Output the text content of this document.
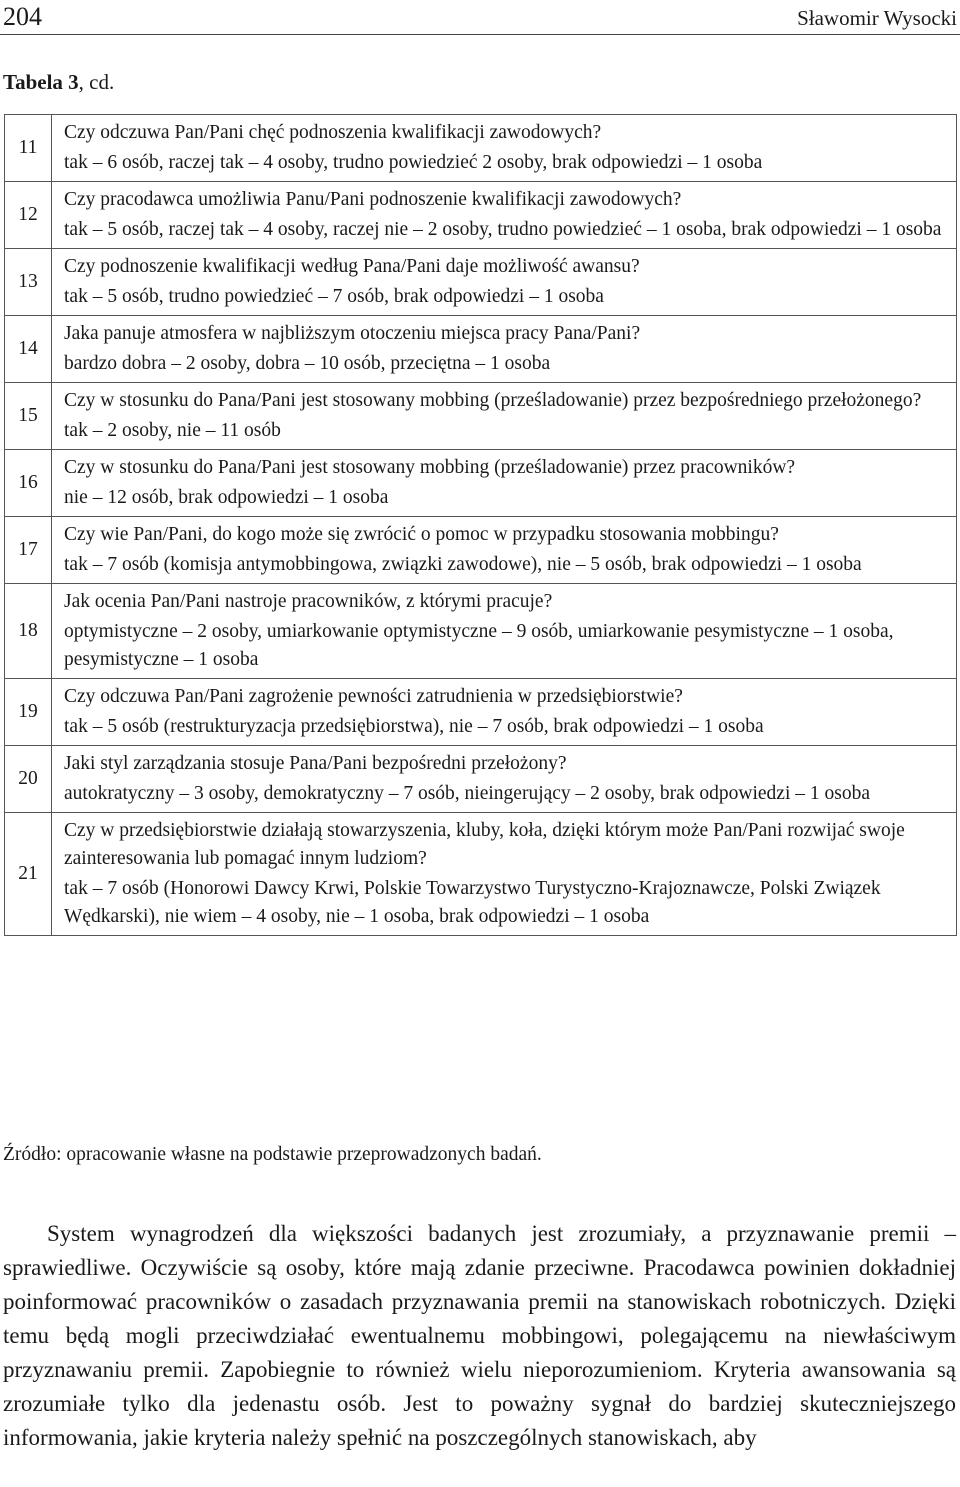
204	Sławomir Wysocki
Tabela 3, cd.
11	Czy odczuwa Pan/Pani chęć podnoszenia kwalifikacji zawodowych?
	tak – 6 osób, raczej tak – 4 osoby, trudno powiedzieć 2 osoby, brak odpowiedzi – 1 osoba
12	Czy pracodawca umożliwia Panu/Pani podnoszenie kwalifikacji zawodowych?
	tak – 5 osób, raczej tak – 4 osoby, raczej nie – 2 osoby, trudno powiedzieć – 1 osoba, brak odpowiedzi – 1 osoba
13	Czy podnoszenie kwalifikacji według Pana/Pani daje możliwość awansu?
	tak – 5 osób, trudno powiedzieć – 7 osób, brak odpowiedzi – 1 osoba
14	Jaka panuje atmosfera w najbliższym otoczeniu miejsca pracy Pana/Pani?
	bardzo dobra – 2 osoby, dobra – 10 osób, przeciętna – 1 osoba
15	Czy w stosunku do Pana/Pani jest stosowany mobbing (prześladowanie) przez bezpośredniego przełożonego?
	tak – 2 osoby, nie – 11 osób
16	Czy w stosunku do Pana/Pani jest stosowany mobbing (prześladowanie) przez pracowników?
	nie – 12 osób, brak odpowiedzi – 1 osoba
17	Czy wie Pan/Pani, do kogo może się zwrócić o pomoc w przypadku stosowania mobbingu?
	tak – 7 osób (komisja antymobbingowa, związki zawodowe), nie – 5 osób, brak odpowiedzi – 1 osoba
18	Jak ocenia Pan/Pani nastroje pracowników, z którymi pracuje?
	optymistyczne – 2 osoby, umiarkowanie optymistyczne – 9 osób, umiarkowanie pesymistyczne – 1 osoba, pesymistyczne – 1 osoba
19	Czy odczuwa Pan/Pani zagrożenie pewności zatrudnienia w przedsiębiorstwie?
	tak – 5 osób (restrukturyzacja przedsiębiorstwa), nie – 7 osób, brak odpowiedzi – 1 osoba
20	Jaki styl zarządzania stosuje Pana/Pani bezpośredni przełożony?
	autokratyczny – 3 osoby, demokratyczny – 7 osób, nieingerujący – 2 osoby, brak odpowiedzi – 1 osoba
21	Czy w przedsiębiorstwie działają stowarzyszenia, kluby, koła, dzięki którym może Pan/Pani rozwijać swoje zainteresowania lub pomagać innym ludziom?
	tak – 7 osób (Honorowi Dawcy Krwi, Polskie Towarzystwo Turystyczno-Krajoznawcze, Polski Związek Wędkarski), nie wiem – 4 osoby, nie – 1 osoba, brak odpowiedzi – 1 osoba
Źródło: opracowanie własne na podstawie przeprowadzonych badań.

System wynagrodzeń dla większości badanych jest zrozumiały, a przyznawanie premii – sprawiedliwe. Oczywiście są osoby, które mają zdanie przeciwne. Pracodawca powinien dokładniej poinformować pracowników o zasadach przyznawania premii na stanowiskach robotniczych. Dzięki temu będą mogli przeciwdziałać ewentualnemu mobbingowi, polegającemu na niewłaściwym przyznawaniu premii. Zapobiegnie to również wielu nieporozumieniom. Kryteria awansowania są zrozumiałe tylko dla jedenastu osób. Jest to poważny sygnał do bardziej skuteczniejszego informowania, jakie kryteria należy spełnić na poszczególnych stanowiskach, aby
